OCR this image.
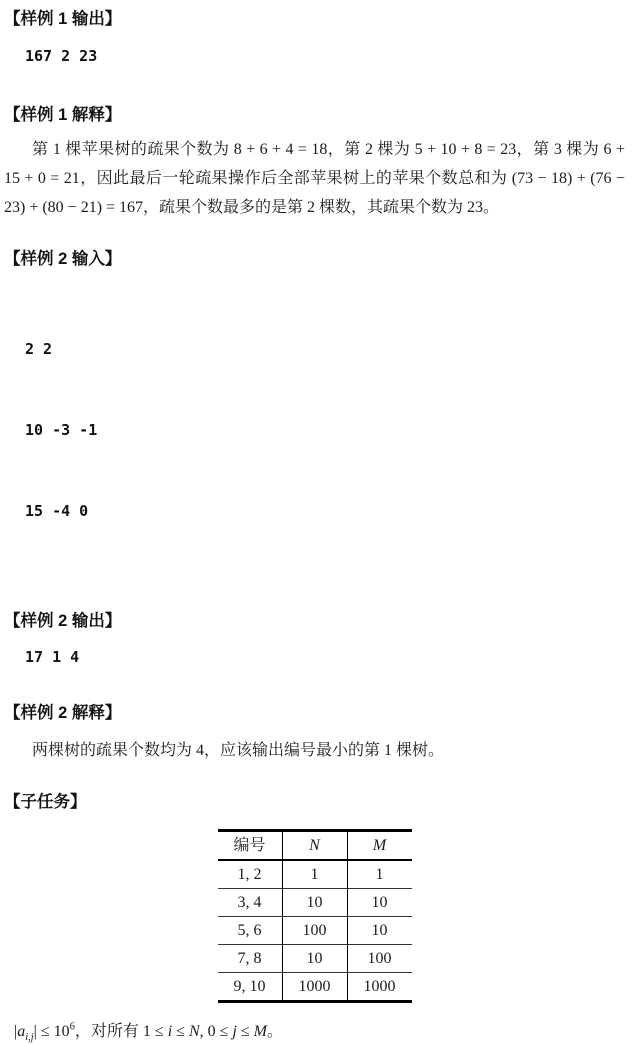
【样例 1 输出】
167 2 23
【样例 1 解释】

第 1 棵苹果树的疏果个数为 8 + 6 + 4 = 18，第 2 棵为 5 + 10 + 8 = 23，第 3 棵为 6 + 15 + 0 = 21，因此最后一轮疏果操作后全部苹果树上的苹果个数总和为 (73 − 18) + (76 − 23) + (80 − 21) = 167，疏果个数最多的是第 2 棵数，其疏果个数为 23。

【样例 2 输入】

2 2

10 -3 -1

15 -4 0

【样例 2 输出】
17 1 4
【样例 2 解释】

两棵树的疏果个数均为 4，应该输出编号最小的第 1 棵树。

【子任务】
编号	N	M
1, 2	1	1
3, 4	10	10
5, 6	100	10
7, 8	10	100
9, 10	1000	1000

$|a_{i,j}| \le 10^6$，对所有 1 ≤ i ≤ N, 0 ≤ j ≤ M。
